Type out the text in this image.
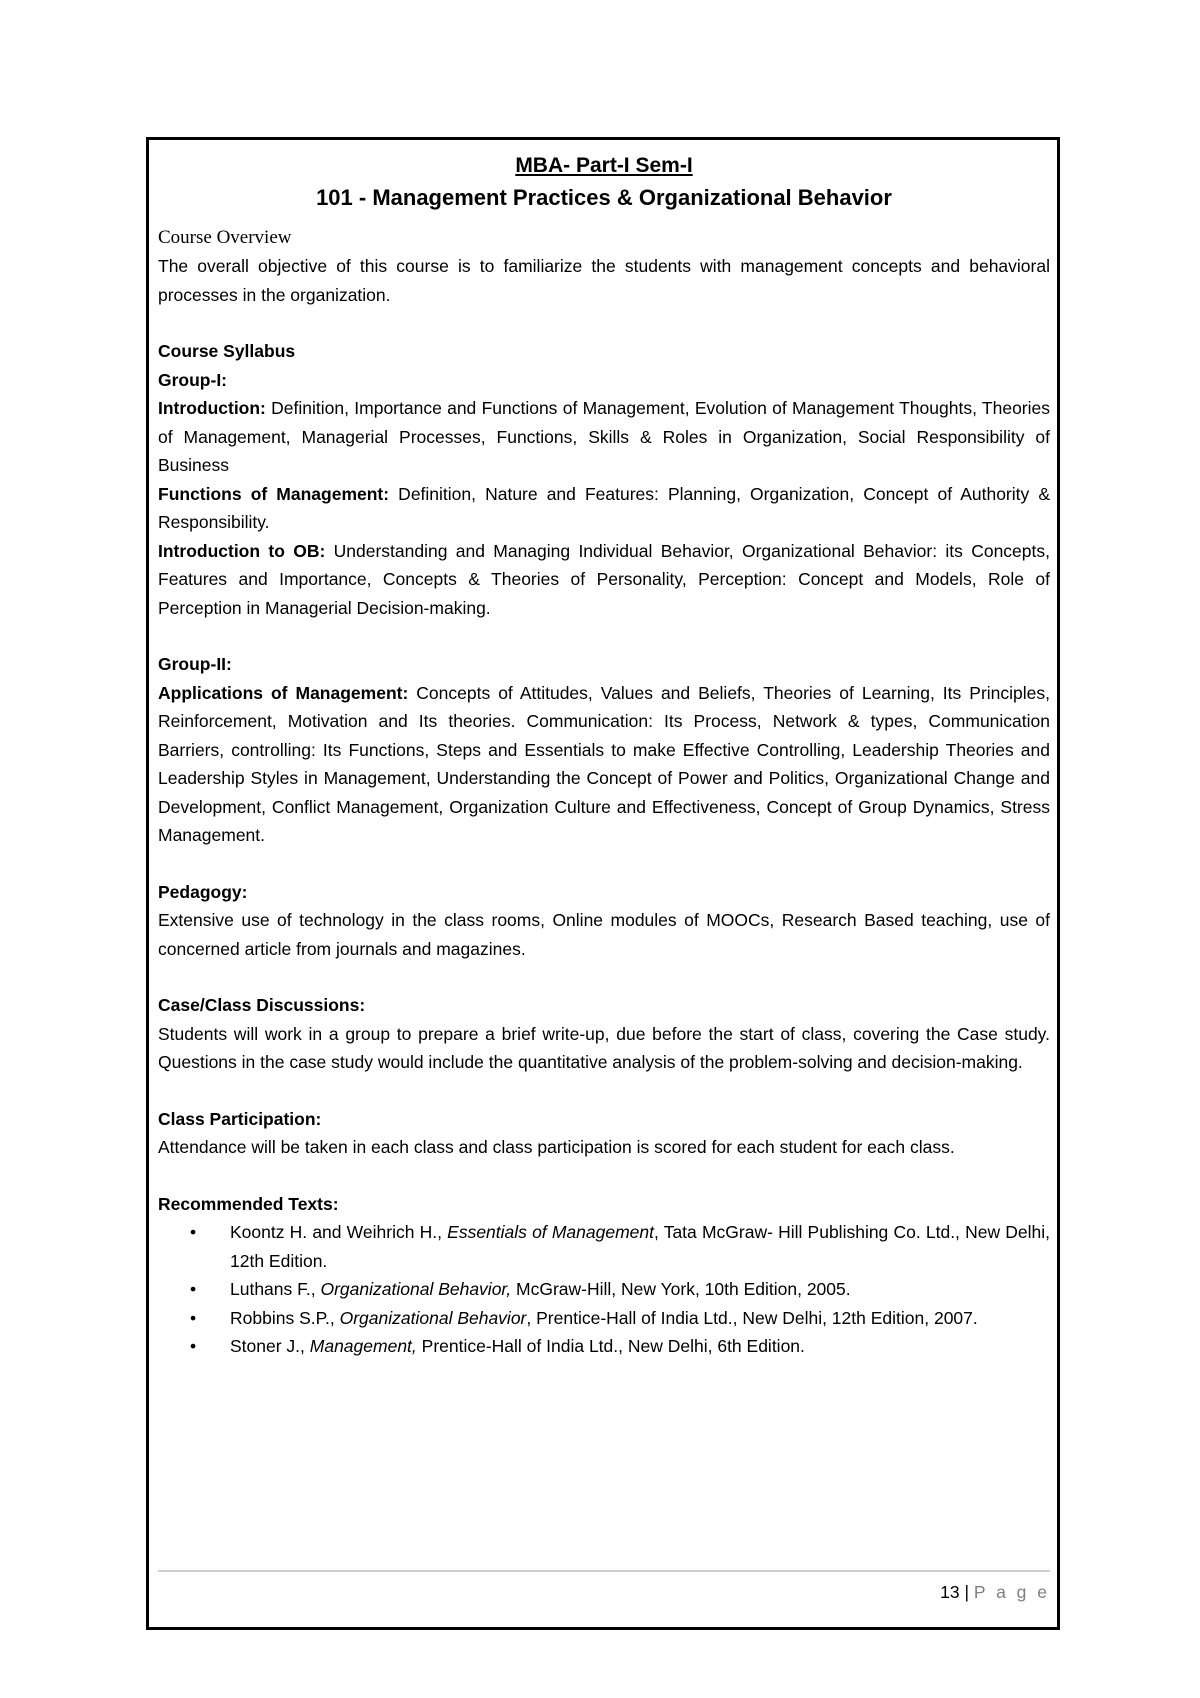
MBA- Part-I Sem-I

101 - Management Practices & Organizational Behavior

Course Overview

The overall objective of this course is to familiarize the students with management concepts and behavioral processes in the organization.

Course Syllabus

Group-I:

Introduction: Definition, Importance and Functions of Management, Evolution of Management Thoughts, Theories of Management, Managerial Processes, Functions, Skills & Roles in Organization, Social Responsibility of Business

Functions of Management: Definition, Nature and Features: Planning, Organization, Concept of Authority & Responsibility.

Introduction to OB: Understanding and Managing Individual Behavior, Organizational Behavior: its Concepts, Features and Importance, Concepts & Theories of Personality, Perception: Concept and Models, Role of Perception in Managerial Decision-making.

Group-II:

Applications of Management: Concepts of Attitudes, Values and Beliefs, Theories of Learning, Its Principles, Reinforcement, Motivation and Its theories. Communication: Its Process, Network & types, Communication Barriers, controlling: Its Functions, Steps and Essentials to make Effective Controlling, Leadership Theories and Leadership Styles in Management, Understanding the Concept of Power and Politics, Organizational Change and Development, Conflict Management, Organization Culture and Effectiveness, Concept of Group Dynamics, Stress Management.

Pedagogy:

Extensive use of technology in the class rooms, Online modules of MOOCs, Research Based teaching, use of concerned article from journals and magazines.

Case/Class Discussions:

Students will work in a group to prepare a brief write-up, due before the start of class, covering the Case study. Questions in the case study would include the quantitative analysis of the problem-solving and decision-making.

Class Participation:

Attendance will be taken in each class and class participation is scored for each student for each class.

Recommended Texts:

• Koontz H. and Weihrich H., Essentials of Management, Tata McGraw- Hill Publishing Co. Ltd., New Delhi, 12th Edition.
• Luthans F., Organizational Behavior, McGraw-Hill, New York, 10th Edition, 2005.
• Robbins S.P., Organizational Behavior, Prentice-Hall of India Ltd., New Delhi, 12th Edition, 2007.
• Stoner J., Management, Prentice-Hall of India Ltd., New Delhi, 6th Edition.
13 | P a g e
